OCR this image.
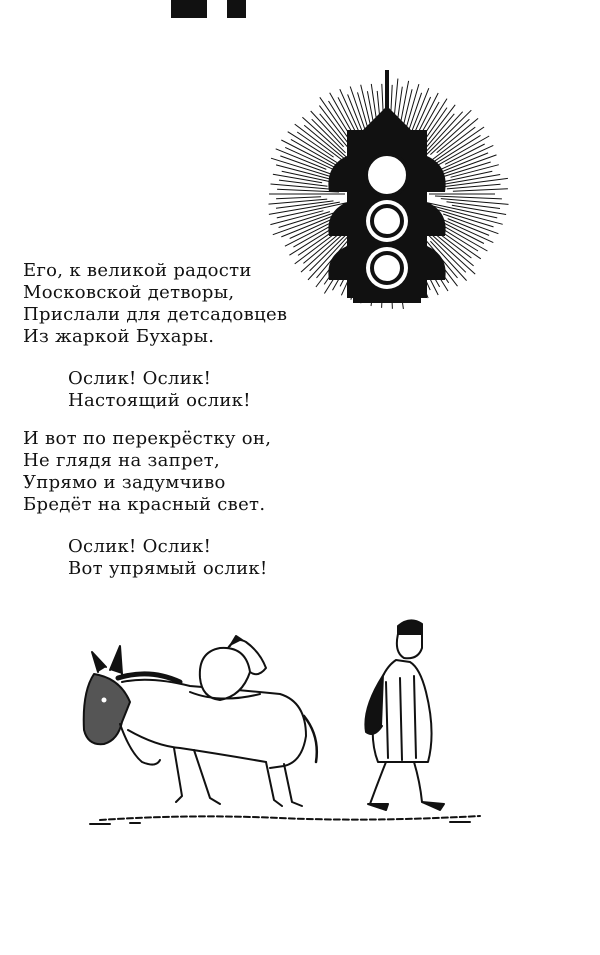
Его, к великой радости
Московской детворы,
Прислали для детсадовцев
Из жаркой Бухары.
Ослик! Ослик!
Настоящий ослик!
И вот по перекрёстку он,
Не глядя на запрет,
Упрямо и задумчиво
Бредёт на красный свет.
Ослик! Ослик!
Вот упрямый ослик!
